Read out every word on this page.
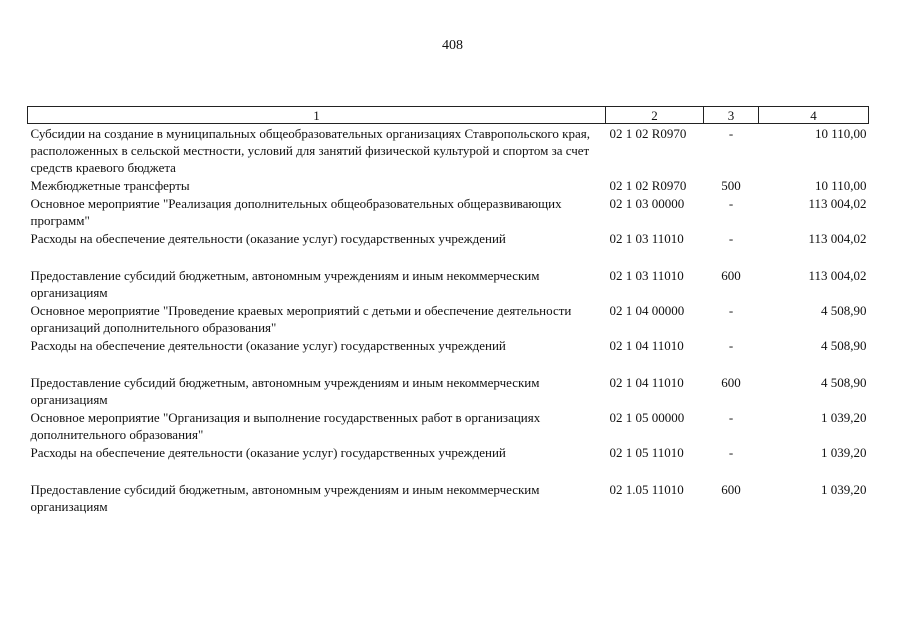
408
1	2	3	4
Субсидии на создание в муниципальных общеобразовательных организациях Ставропольского края, расположенных в сельской местности, условий для занятий физической культурой и спортом за счет средств краевого бюджета	02 1 02 R0970	-	10 110,00
Межбюджетные трансферты	02 1 02 R0970	500	10 110,00
Основное мероприятие "Реализация дополнительных общеобразовательных общеразвивающих программ"	02 1 03 00000	-	113 004,02
Расходы на обеспечение деятельности (оказание услуг) государственных учреждений	02 1 03 11010	-	113 004,02
Предоставление субсидий бюджетным, автономным учреждениям и иным некоммерческим организациям	02 1 03 11010	600	113 004,02
Основное мероприятие "Проведение краевых мероприятий с детьми и обеспечение деятельности организаций дополнительного образования"	02 1 04 00000	-	4 508,90
Расходы на обеспечение деятельности (оказание услуг) государственных учреждений	02 1 04 11010	-	4 508,90
Предоставление субсидий бюджетным, автономным учреждениям и иным некоммерческим организациям	02 1 04 11010	600	4 508,90
Основное мероприятие "Организация и выполнение государственных работ в организациях дополнительного образования"	02 1 05 00000	-	1 039,20
Расходы на обеспечение деятельности (оказание услуг) государственных учреждений	02 1 05 11010	-	1 039,20
Предоставление субсидий бюджетным, автономным учреждениям и иным некоммерческим организациям	02 1.05 11010	600	1 039,20
